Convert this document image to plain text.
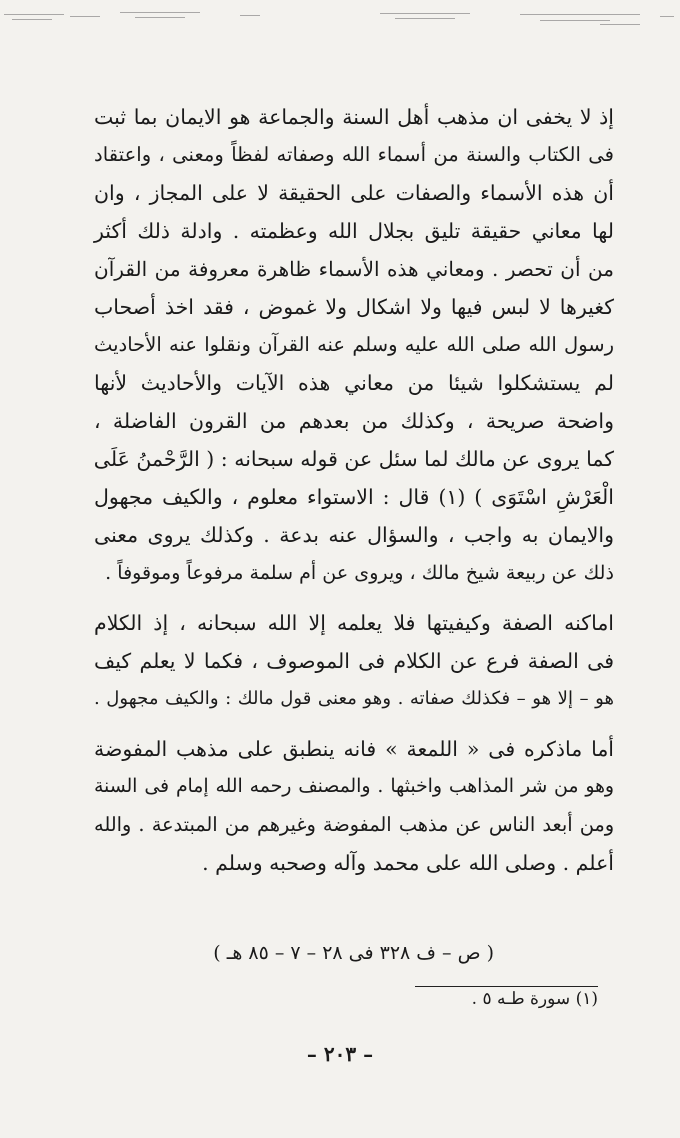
إذ لا يخفى ان مذهب أهل السنة والجماعة هو الايمان بما ثبت
فى الكتاب والسنة من أسماء الله وصفاته لفظاً ومعنى ، واعتقاد
أن هذه الأسماء والصفات على الحقيقة لا على المجاز ، وان
لها معاني حقيقة تليق بجلال الله وعظمته . وادلة ذلك أكثر
من أن تحصر . ومعاني هذه الأسماء ظاهرة معروفة من القرآن
كغيرها لا لبس فيها ولا اشكال ولا غموض ، فقد اخذ أصحاب
رسول الله صلى الله عليه وسلم عنه القرآن ونقلوا عنه الأحاديث
لم يستشكلوا شيئا من معاني هذه الآيات والأحاديث لأنها
واضحة صريحة ، وكذلك من بعدهم من القرون الفاضلة ،
كما يروى عن مالك لما سئل عن قوله سبحانه : ( الرَّحْمنُ عَلَى
الْعَرْشِ اسْتَوَى ) (١) قال : الاستواء معلوم ، والكيف مجهول
والايمان به واجب ، والسؤال عنه بدعة . وكذلك يروى معنى
ذلك عن ربيعة شيخ مالك ، ويروى عن أم سلمة مرفوعاً وموقوفاً .
اماكنه الصفة وكيفيتها فلا يعلمه إلا الله سبحانه ، إذ الكلام
فى الصفة فرع عن الكلام فى الموصوف ، فكما لا يعلم كيف
هو – إلا هو – فكذلك صفاته . وهو معنى قول مالك : والكيف مجهول .
أما ماذكره فى « اللمعة » فانه ينطبق على مذهب المفوضة
وهو من شر المذاهب واخبثها . والمصنف رحمه الله إمام فى السنة
ومن أبعد الناس عن مذهب المفوضة وغيرهم من المبتدعة . والله
أعلم . وصلى الله على محمد وآله وصحبه وسلم .
( ص – ف ٣٢٨ فى ٢٨ – ٧ – ٨٥ هـ )
(١) سورة طـه ٥ .
– ٢٠٣ –
